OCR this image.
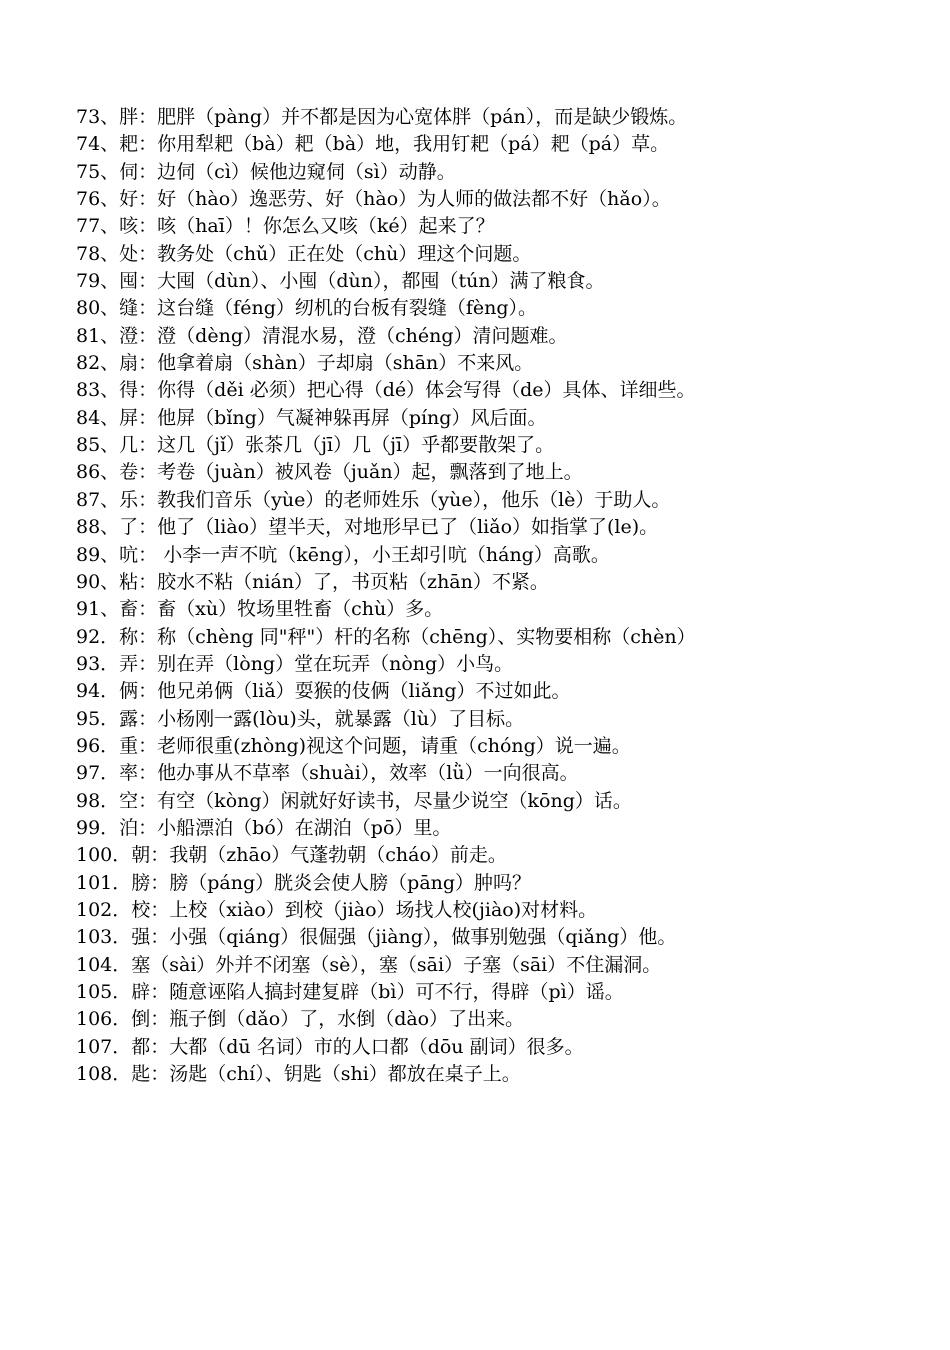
73、胖：肥胖（pàng）并不都是因为心宽体胖（pán），而是缺少锻炼。
74、耙：你用犁耙（bà）耙（bà）地，我用钉耙（pá）耙（pá）草。
75、伺：边伺（cì）候他边窥伺（sì）动静。
76、好：好（hào）逸恶劳、好（hào）为人师的做法都不好（hǎo）。
77、咳：咳（haī）！你怎么又咳（ké）起来了？
78、处：教务处（chǔ）正在处（chù）理这个问题。
79、囤：大囤（dùn）、小囤（dùn），都囤（tún）满了粮食。
80、缝：这台缝（féng）纫机的台板有裂缝（fèng）。
81、澄：澄（dèng）清混水易，澄（chéng）清问题难。
82、扇：他拿着扇（shàn）子却扇（shān）不来风。
83、得：你得（děi 必须）把心得（dé）体会写得（de）具体、详细些。
84、屏：他屏（bǐng）气凝神躲再屏（píng）风后面。
85、几：这几（jǐ）张茶几（jī）几（jī）乎都要散架了。
86、卷：考卷（juàn）被风卷（juǎn）起，飘落到了地上。
87、乐：教我们音乐（yùe）的老师姓乐（yùe），他乐（lè）于助人。
88、了：他了（liào）望半天，对地形早已了（liǎo）如指掌了(le)。
89、吭： 小李一声不吭（kēng），小王却引吭（háng）高歌。
90、粘：胶水不粘（nián）了，书页粘（zhān）不紧。
91、畜：畜（xù）牧场里牲畜（chù）多。
92．称：称（chèng 同"秤"）杆的名称（chēng）、实物要相称（chèn）
93．弄：别在弄（lòng）堂在玩弄（nòng）小鸟。
94．俩：他兄弟俩（liǎ）耍猴的伎俩（liǎng）不过如此。
95．露：小杨刚一露(lòu)头，就暴露（lù）了目标。
96．重：老师很重(zhòng)视这个问题，请重（chóng）说一遍。
97．率：他办事从不草率（shuài），效率（lǜ）一向很高。
98．空：有空（kòng）闲就好好读书，尽量少说空（kōng）话。
99．泊：小船漂泊（bó）在湖泊（pō）里。
100．朝：我朝（zhāo）气蓬勃朝（cháo）前走。
101．膀：膀（páng）胱炎会使人膀（pāng）肿吗？
102．校：上校（xiào）到校（jiào）场找人校(jiào)对材料。
103．强：小强（qiáng）很倔强（jiàng），做事别勉强（qiǎng）他。
104．塞（sài）外并不闭塞（sè），塞（sāi）子塞（sāi）不住漏洞。
105．辟：随意诬陷人搞封建复辟（bì）可不行，得辟（pì）谣。
106．倒：瓶子倒（dǎo）了，水倒（dào）了出来。
107．都：大都（dū 名词）市的人口都（dōu 副词）很多。
108．匙：汤匙（chí）、钥匙（shi）都放在桌子上。
